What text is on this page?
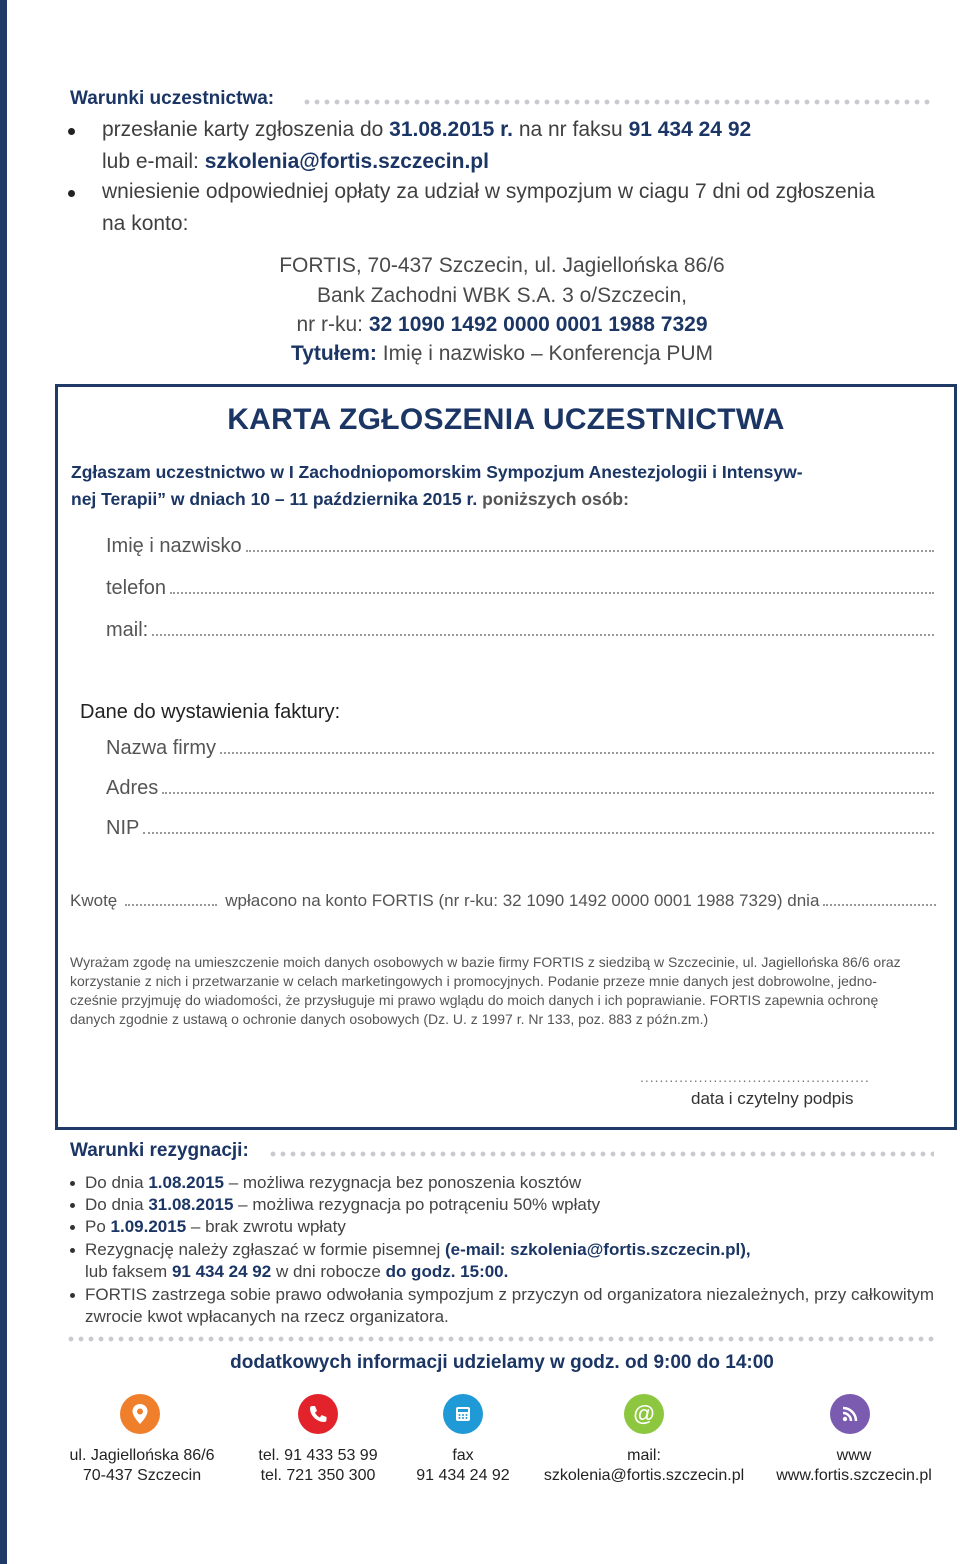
Warunki uczestnictwa:
przesłanie karty zgłoszenia do 31.08.2015 r. na nr faksu 91 434 24 92
lub e-mail: szkolenia@fortis.szczecin.pl
wniesienie odpowiedniej opłaty za udział w sympozjum w ciagu 7 dni od zgłoszenia
na konto:
FORTIS, 70-437 Szczecin, ul. Jagiellońska 86/6
Bank Zachodni WBK S.A. 3 o/Szczecin,
nr r-ku: 32 1090 1492 0000 0001 1988 7329
Tytułem: Imię i nazwisko – Konferencja PUM
KARTA ZGŁOSZENIA UCZESTNICTWA
Zgłaszam uczestnictwo w I Zachodniopomorskim Sympozjum Anestezjologii i Intensyw-
nej Terapii” w dniach 10 – 11 października 2015 r. poniższych osób:
Imię i nazwisko
telefon
mail:
Dane do wystawienia faktury:
Nazwa firmy
Adres
NIP
Kwotę	wpłacono na konto FORTIS (nr r-ku: 32 1090 1492 0000 0001 1988 7329) dnia
Wyrażam zgodę na umieszczenie moich danych osobowych w bazie firmy FORTIS z siedzibą w Szczecinie, ul. Jagiellońska 86/6 oraz
korzystanie z nich i przetwarzanie w celach marketingowych i promocyjnych. Podanie przeze mnie danych jest dobrowolne, jedno-
cześnie przyjmuję do wiadomości, że przysługuje mi prawo wglądu do moich danych i ich poprawianie. FORTIS zapewnia ochronę
danych zgodnie z ustawą o ochronie danych osobowych (Dz. U. z 1997 r. Nr 133, poz. 883 z późn.zm.)
...............................................
data i czytelny podpis
Warunki rezygnacji:
Do dnia 1.08.2015 – możliwa rezygnacja bez ponoszenia kosztów
Do dnia 31.08.2015 – możliwa rezygnacja po potrąceniu 50% wpłaty
Po 1.09.2015 – brak zwrotu wpłaty
Rezygnację należy zgłaszać w formie pisemnej (e-mail: szkolenia@fortis.szczecin.pl),
lub faksem 91 434 24 92 w dni robocze do godz. 15:00.
FORTIS zastrzega sobie prawo odwołania sympozjum z przyczyn od organizatora niezależnych, przy całkowitym
zwrocie kwot wpłacanych na rzecz organizatora.
dodatkowych informacji udzielamy w godz. od 9:00 do 14:00
@
ul. Jagiellońska 86/6
70-437 Szczecin
tel. 91 433 53 99
tel. 721 350 300
fax
91 434 24 92
mail:
szkolenia@fortis.szczecin.pl
www
www.fortis.szczecin.pl
